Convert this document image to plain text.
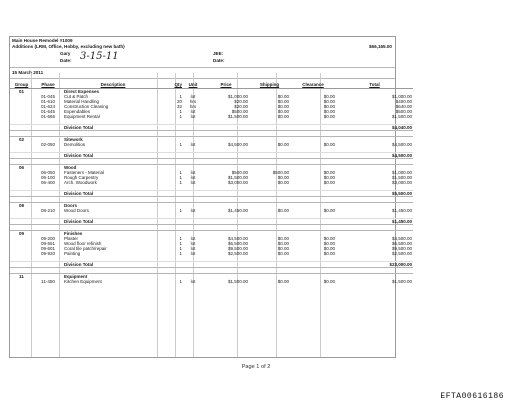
Main House Remodel #1009
Additions (LRM, Office, Hobby, excluding new bath)	$66,165.00
Gary
Date: 3-15-11	JEE:
Date:
15 March 2011
Group	Phase	Description	Qty	Unit	Price	Shipping	Clearance	Total
01		Direct Expenses						
	01-045	Cut & Patch	1	lot	$1,000.00	$0.00	$0.00	$1,000.00
	01-610	Material Handling	20	hrs	$20.00	$0.00	$0.00	$400.00
	01-624	Construction Cleaning	32	hrs	$20.00	$0.00	$0.00	$640.00
	01-645	Expendables	1	lot	$500.00	$0.00	$0.00	$500.00
	01-665	Equipment Rental	1	lot	$1,500.00	$0.00	$0.00	$1,500.00

		Division Total						$4,040.00

02		Sitework						
	02-050	Demolition	1	lot	$4,500.00	$0.00	$0.00	$4,500.00

		Division Total						$4,500.00

06		Wood						
	06-050	Fasteners - Material	1	lot	$500.00	$500.00	$0.00	$1,000.00
	06-100	Rough Carpentry	1	lot	$1,500.00	$0.00	$0.00	$1,500.00
	06-400	Arch. Woodwork	1	lot	$3,000.00	$0.00	$0.00	$3,000.00

		Division Total						$5,500.00

08		Doors						
	08-210	Wood Doors	1	lot	$1,450.00	$0.00	$0.00	$1,450.00

		Division Total						$1,450.00

09		Finishes						
	09-200	Plaster	1	lot	$4,500.00	$0.00	$0.00	$4,500.00
	09-551	Wood floor refinish	1	lot	$6,500.00	$0.00	$0.00	$6,500.00
	09-601	Coral tile patch/repair	1	lot	$9,500.00	$0.00	$0.00	$9,500.00
	09-920	Painting	1	lot	$2,500.00	$0.00	$0.00	$2,500.00

		Division Total						$23,000.00

11		Equipment						
	11-450	Kitchen Equipment	1	lot	$1,500.00	$0.00	$0.00	$1,500.00
Page 1 of 2
EFTA00616186
